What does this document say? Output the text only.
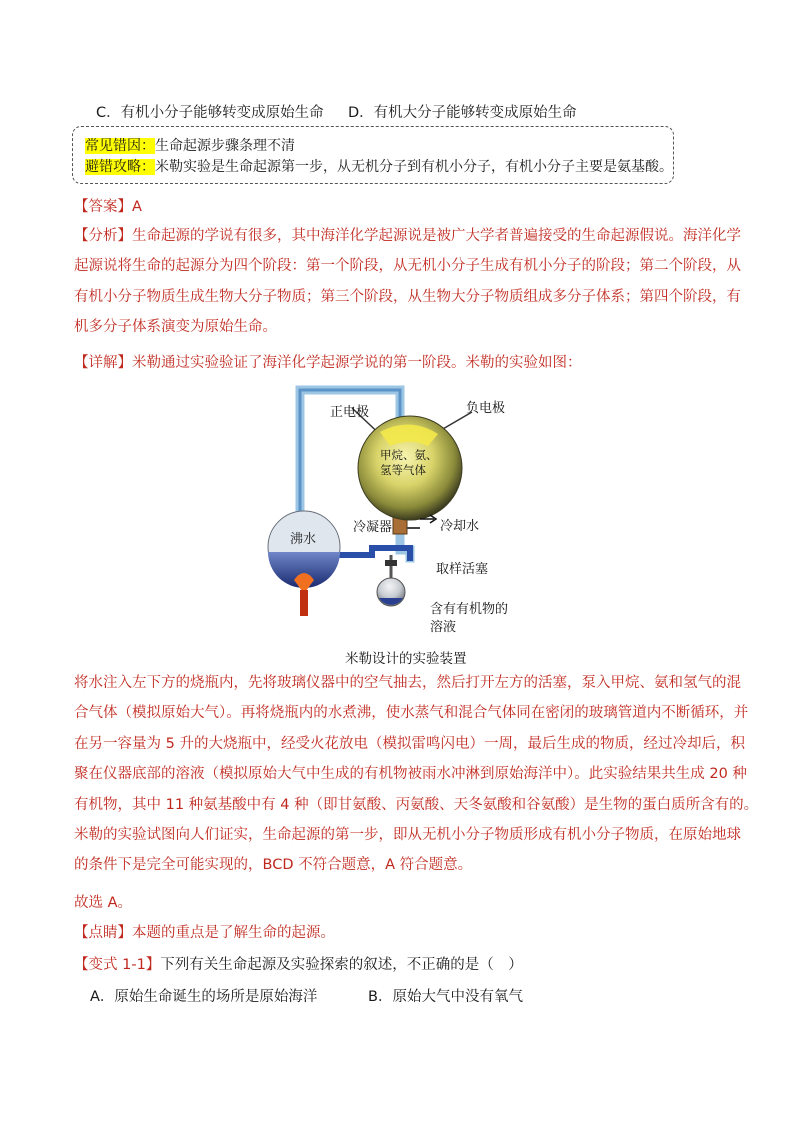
C．有机小分子能够转变成原始生命 D．有机大分子能够转变成原始生命
常见错因：生命起源步骤条理不清
避错攻略：米勒实验是生命起源第一步，从无机分子到有机小分子，有机小分子主要是氨基酸。
【答案】A
【分析】生命起源的学说有很多，其中海洋化学起源说是被广大学者普遍接受的生命起源假说。海洋化学
起源说将生命的起源分为四个阶段：第一个阶段，从无机小分子生成有机小分子的阶段；第二个阶段，从
有机小分子物质生成生物大分子物质；第三个阶段，从生物大分子物质组成多分子体系；第四个阶段，有
机多分子体系演变为原始生命。
【详解】米勒通过实验验证了海洋化学起源学说的第一阶段。米勒的实验如图：
正电极	负电极
甲烷、氨、
氢等气体
沸水
冷凝器	冷却水
取样活塞
含有有机物的
溶液
米勒设计的实验装置
将水注入左下方的烧瓶内，先将玻璃仪器中的空气抽去，然后打开左方的活塞，泵入甲烷、氨和氢气的混
合气体（模拟原始大气）。再将烧瓶内的水煮沸，使水蒸气和混合气体同在密闭的玻璃管道内不断循环，并
在另一容量为 5 升的大烧瓶中，经受火花放电（模拟雷鸣闪电）一周，最后生成的物质，经过冷却后，积
聚在仪器底部的溶液（模拟原始大气中生成的有机物被雨水冲淋到原始海洋中）。此实验结果共生成 20 种
有机物，其中 11 种氨基酸中有 4 种（即甘氨酸、丙氨酸、天冬氨酸和谷氨酸）是生物的蛋白质所含有的。
米勒的实验试图向人们证实，生命起源的第一步，即从无机小分子物质形成有机小分子物质，在原始地球
的条件下是完全可能实现的，BCD 不符合题意，A 符合题意。
故选 A。
【点睛】本题的重点是了解生命的起源。
【变式 1-1】下列有关生命起源及实验探索的叙述，不正确的是（　）
A．原始生命诞生的场所是原始海洋	B．原始大气中没有氧气
